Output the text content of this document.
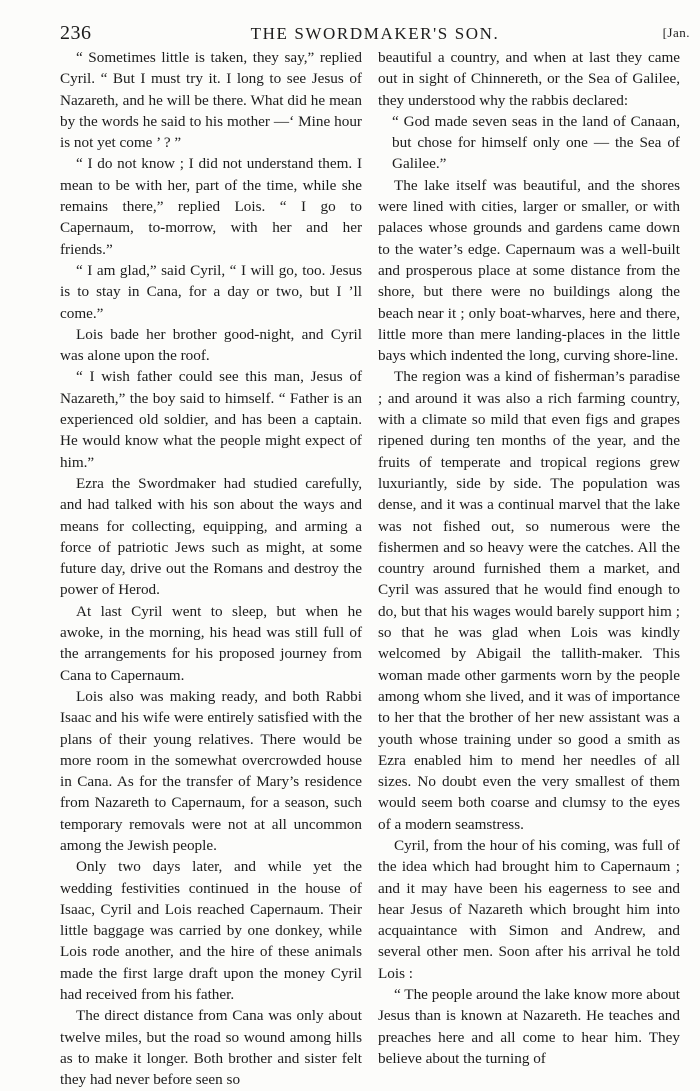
236	THE SWORDMAKER'S SON.	[Jan.

“ Sometimes little is taken, they say,” replied Cyril. “ But I must try it. I long to see Jesus of Nazareth, and he will be there. What did he mean by the words he said to his mother —‘ Mine hour is not yet come ’ ? ”

“ I do not know ; I did not understand them. I mean to be with her, part of the time, while she remains there,” replied Lois. “ I go to Capernaum, to-morrow, with her and her friends.”

“ I am glad,” said Cyril, “ I will go, too. Jesus is to stay in Cana, for a day or two, but I ’ll come.”

Lois bade her brother good-night, and Cyril was alone upon the roof.

“ I wish father could see this man, Jesus of Nazareth,” the boy said to himself. “ Father is an experienced old soldier, and has been a captain. He would know what the people might expect of him.”

Ezra the Swordmaker had studied carefully, and had talked with his son about the ways and means for collecting, equipping, and arming a force of patriotic Jews such as might, at some future day, drive out the Romans and destroy the power of Herod.

At last Cyril went to sleep, but when he awoke, in the morning, his head was still full of the arrangements for his proposed journey from Cana to Capernaum.

Lois also was making ready, and both Rabbi Isaac and his wife were entirely satisfied with the plans of their young relatives. There would be more room in the somewhat overcrowded house in Cana. As for the transfer of Mary’s residence from Nazareth to Capernaum, for a season, such temporary removals were not at all uncommon among the Jewish people.

Only two days later, and while yet the wedding festivities continued in the house of Isaac, Cyril and Lois reached Capernaum. Their little baggage was carried by one donkey, while Lois rode another, and the hire of these animals made the first large draft upon the money Cyril had received from his father.

The direct distance from Cana was only about twelve miles, but the road so wound among hills as to make it longer. Both brother and sister felt they had never before seen so

beautiful a country, and when at last they came out in sight of Chinnereth, or the Sea of Galilee, they understood why the rabbis declared:

“ God made seven seas in the land of Canaan, but chose for himself only one — the Sea of Galilee.”

The lake itself was beautiful, and the shores were lined with cities, larger or smaller, or with palaces whose grounds and gardens came down to the water’s edge. Capernaum was a well-built and prosperous place at some distance from the shore, but there were no buildings along the beach near it ; only boat-wharves, here and there, little more than mere landing-places in the little bays which indented the long, curving shore-line.

The region was a kind of fisherman’s paradise ; and around it was also a rich farming country, with a climate so mild that even figs and grapes ripened during ten months of the year, and the fruits of temperate and tropical regions grew luxuriantly, side by side. The population was dense, and it was a continual marvel that the lake was not fished out, so numerous were the fishermen and so heavy were the catches. All the country around furnished them a market, and Cyril was assured that he would find enough to do, but that his wages would barely support him ; so that he was glad when Lois was kindly welcomed by Abigail the tallith-maker. This woman made other garments worn by the people among whom she lived, and it was of importance to her that the brother of her new assistant was a youth whose training under so good a smith as Ezra enabled him to mend her needles of all sizes. No doubt even the very smallest of them would seem both coarse and clumsy to the eyes of a modern seamstress.

Cyril, from the hour of his coming, was full of the idea which had brought him to Capernaum ; and it may have been his eagerness to see and hear Jesus of Nazareth which brought him into acquaintance with Simon and Andrew, and several other men. Soon after his arrival he told Lois :

“ The people around the lake know more about Jesus than is known at Nazareth. He teaches and preaches here and all come to hear him. They believe about the turning of
